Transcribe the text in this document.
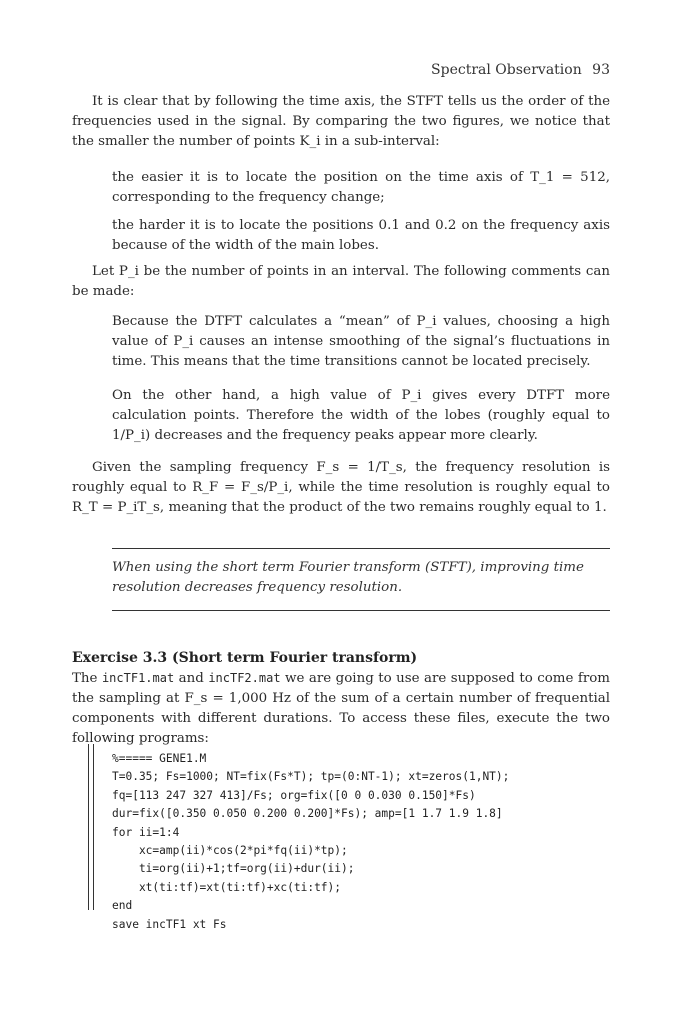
Spectral Observation 93

It is clear that by following the time axis, the STFT tells us the order of the frequencies used in the signal. By comparing the two figures, we notice that the smaller the number of points K_i in a sub-interval:

the easier it is to locate the position on the time axis of T_1 = 512, corresponding to the frequency change;

the harder it is to locate the positions 0.1 and 0.2 on the frequency axis because of the width of the main lobes.

Let P_i be the number of points in an interval. The following comments can be made:

Because the DTFT calculates a “mean” of P_i values, choosing a high value of P_i causes an intense smoothing of the signal’s fluctuations in time. This means that the time transitions cannot be located precisely.

On the other hand, a high value of P_i gives every DTFT more calculation points. Therefore the width of the lobes (roughly equal to 1/P_i) decreases and the frequency peaks appear more clearly.

Given the sampling frequency F_s = 1/T_s, the frequency resolution is roughly equal to R_F = F_s/P_i, while the time resolution is roughly equal to R_T = P_iT_s, meaning that the product of the two remains roughly equal to 1.

When using the short term Fourier transform (STFT), improving time resolution decreases frequency resolution.

Exercise 3.3 (Short term Fourier transform)

The incTF1.mat and incTF2.mat we are going to use are supposed to come from the sampling at F_s = 1,000 Hz of the sum of a certain number of frequential components with different durations. To access these files, execute the two following programs:

%===== GENE1.M
T=0.35; Fs=1000; NT=fix(Fs*T); tp=(0:NT-1); xt=zeros(1,NT);
fq=[113 247 327 413]/Fs; org=fix([0 0 0.030 0.150]*Fs)
dur=fix([0.350 0.050 0.200 0.200]*Fs); amp=[1 1.7 1.9 1.8]
for ii=1:4
xc=amp(ii)*cos(2*pi*fq(ii)*tp);
ti=org(ii)+1;tf=org(ii)+dur(ii);
xt(ti:tf)=xt(ti:tf)+xc(ti:tf);
end
save incTF1 xt Fs
